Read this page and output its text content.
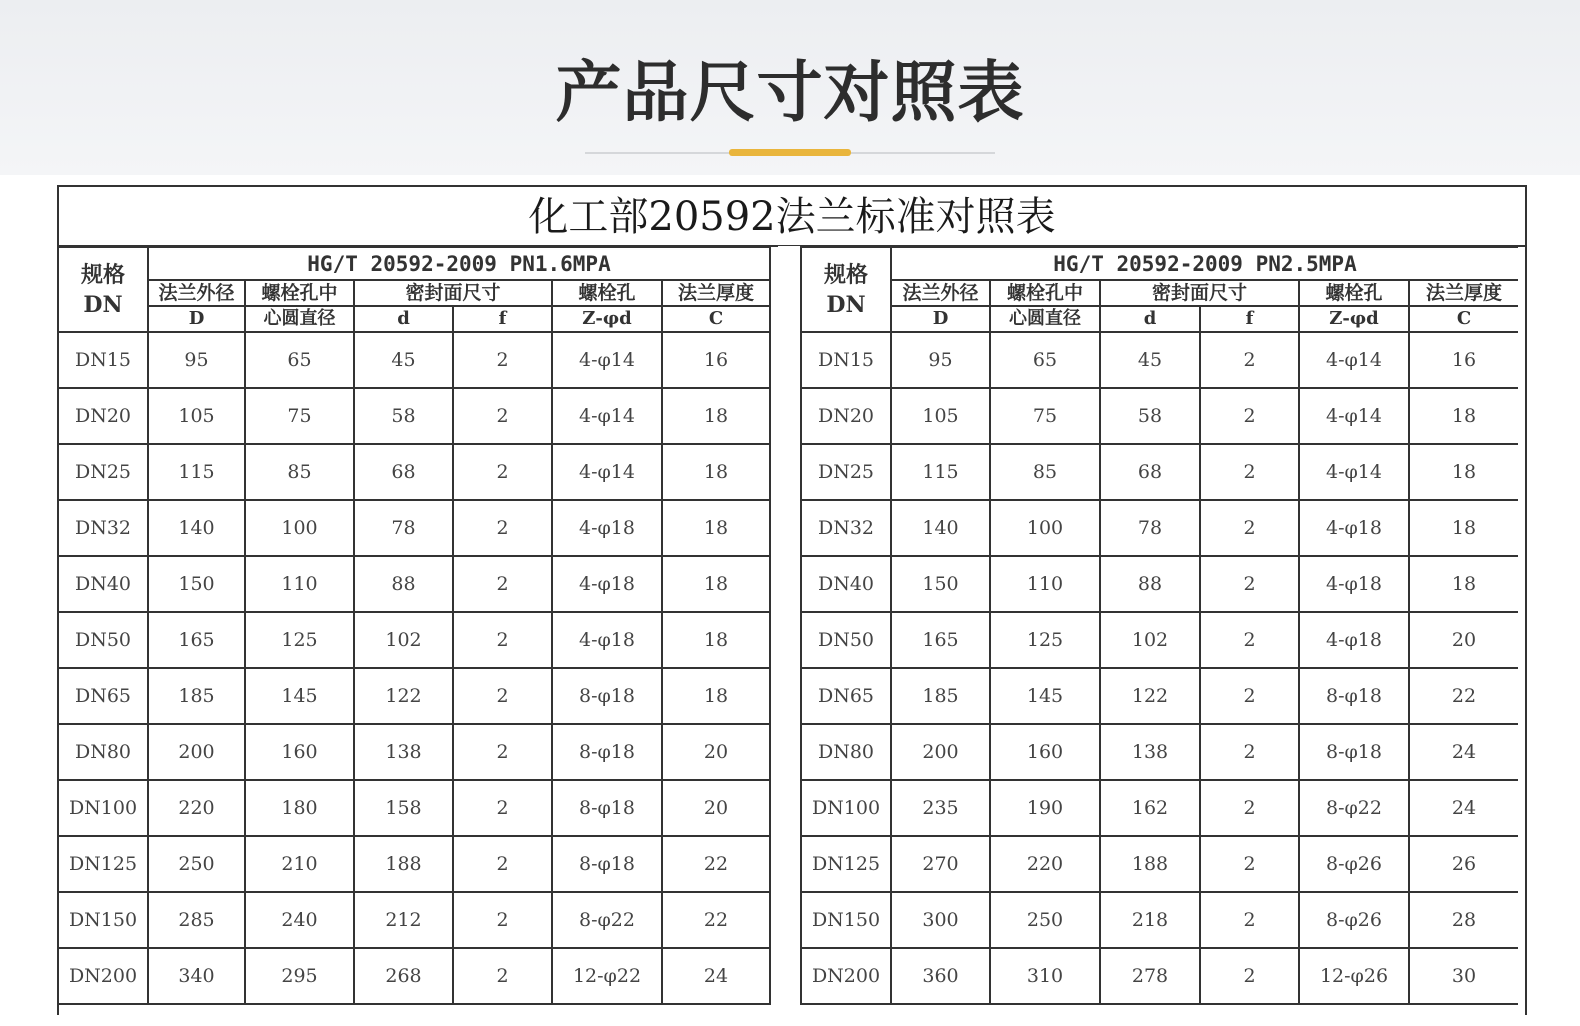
产品尺寸对照表
化工部20592法兰标准对照表
规格
DN	HG/T 20592-2009 PN1.6MPA					
	法兰外径	螺栓孔中	密封面尺寸		螺栓孔	法兰厚度
	D	心圆直径	d	f	Z-φd	C
DN15	95	65	45	2	4-φ14	16
DN20	105	75	58	2	4-φ14	18
DN25	115	85	68	2	4-φ14	18
DN32	140	100	78	2	4-φ18	18
DN40	150	110	88	2	4-φ18	18
DN50	165	125	102	2	4-φ18	18
DN65	185	145	122	2	8-φ18	18
DN80	200	160	138	2	8-φ18	20
DN100	220	180	158	2	8-φ18	20
DN125	250	210	188	2	8-φ18	22
DN150	285	240	212	2	8-φ22	22
DN200	340	295	268	2	12-φ22	24
规格
DN	HG/T 20592-2009 PN2.5MPA					
	法兰外径	螺栓孔中	密封面尺寸		螺栓孔	法兰厚度
	D	心圆直径	d	f	Z-φd	C
DN15	95	65	45	2	4-φ14	16
DN20	105	75	58	2	4-φ14	18
DN25	115	85	68	2	4-φ14	18
DN32	140	100	78	2	4-φ18	18
DN40	150	110	88	2	4-φ18	18
DN50	165	125	102	2	4-φ18	20
DN65	185	145	122	2	8-φ18	22
DN80	200	160	138	2	8-φ18	24
DN100	235	190	162	2	8-φ22	24
DN125	270	220	188	2	8-φ26	26
DN150	300	250	218	2	8-φ26	28
DN200	360	310	278	2	12-φ26	30
